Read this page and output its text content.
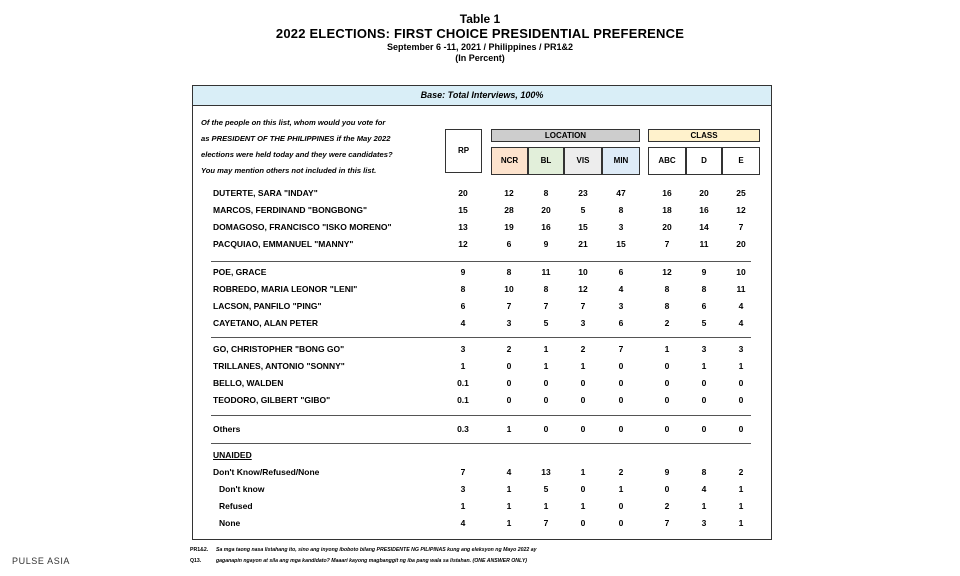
Table 1
2022 ELECTIONS: FIRST CHOICE PRESIDENTIAL PREFERENCE
September 6 -11, 2021 / Philippines / PR1&2
(In Percent)
Base: Total Interviews, 100%
Of the people on this list, whom would you vote for
as PRESIDENT OF THE PHILIPPINES if the May 2022
elections were held today and they were candidates?
You may mention others not included in this list.
RP
LOCATION	CLASS
NCR	BL	VIS	MIN	ABC	D	E
DUTERTE, SARA "INDAY"	20	12	8	23	47	16	20	25
MARCOS, FERDINAND "BONGBONG"	15	28	20	5	8	18	16	12
DOMAGOSO, FRANCISCO "ISKO MORENO"	13	19	16	15	3	20	14	7
PACQUIAO, EMMANUEL "MANNY"	12	6	9	21	15	7	11	20
POE, GRACE	9	8	11	10	6	12	9	10
ROBREDO, MARIA LEONOR "LENI"	8	10	8	12	4	8	8	11
LACSON, PANFILO "PING"	6	7	7	7	3	8	6	4
CAYETANO, ALAN PETER	4	3	5	3	6	2	5	4
GO, CHRISTOPHER "BONG GO"	3	2	1	2	7	1	3	3
TRILLANES, ANTONIO "SONNY"	1	0	1	1	0	0	1	1
BELLO, WALDEN	0.1	0	0	0	0	0	0	0
TEODORO, GILBERT "GIBO"	0.1	0	0	0	0	0	0	0
Others	0.3	1	0	0	0	0	0	0
UNAIDED
Don't Know/Refused/None	7	4	13	1	2	9	8	2
Don't know	3	1	5	0	1	0	4	1
Refused	1	1	1	1	0	2	1	1
None	4	1	7	0	0	7	3	1
PR1&2. Sa mga taong nasa listahang ito, sino ang inyong iboboto bilang PRESIDENTE NG PILIPINAS kung ang eleksyon ng Mayo 2022 ay
Q13.	gaganapin ngayon at sila ang mga kandidato? Maaari kayong magbanggit ng iba pang wala sa listahan. (ONE ANSWER ONLY)
PULSE ASIA
